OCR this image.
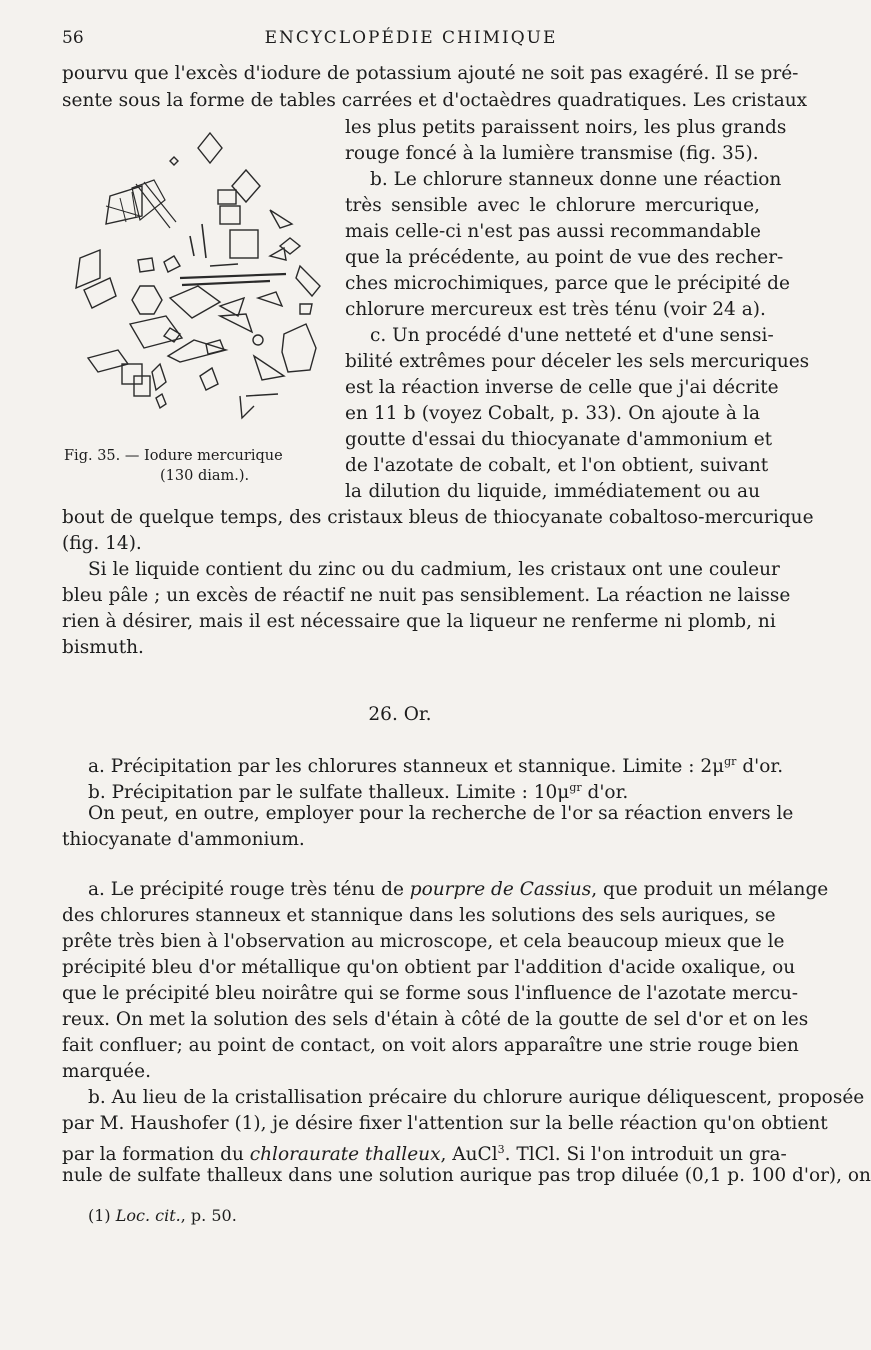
56	ENCYCLOPÉDIE CHIMIQUE
pourvu que l'excès d'iodure de potassium ajouté ne soit pas exagéré. Il se pré-
sente sous la forme de tables carrées et d'octaèdres quadratiques. Les cristaux
les plus petits paraissent noirs, les plus grands
rouge foncé à la lumière transmise (fig. 35).
b. Le chlorure stanneux donne une réaction
très sensible avec le chlorure mercurique,
mais celle-ci n'est pas aussi recommandable
que la précédente, au point de vue des recher-
ches microchimiques, parce que le précipité de
chlorure mercureux est très ténu (voir 24 a).
c. Un procédé d'une netteté et d'une sensi-
bilité extrêmes pour déceler les sels mercuriques
est la réaction inverse de celle que j'ai décrite
en 11 b (voyez Cobalt, p. 33). On ajoute à la
goutte d'essai du thiocyanate d'ammonium et
de l'azotate de cobalt, et l'on obtient, suivant
la dilution du liquide, immédiatement ou au
Fig. 35. — Iodure mercurique
(130 diam.).
bout de quelque temps, des cristaux bleus de thiocyanate cobaltoso-mercurique
(fig. 14).
Si le liquide contient du zinc ou du cadmium, les cristaux ont une couleur
bleu pâle ; un excès de réactif ne nuit pas sensiblement. La réaction ne laisse
rien à désirer, mais il est nécessaire que la liqueur ne renferme ni plomb, ni
bismuth.
26. Or.
a. Précipitation par les chlorures stanneux et stannique. Limite : $2\mu^{gr}$ d'or.
b. Précipitation par le sulfate thalleux. Limite : $10\mu^{gr}$ d'or.
On peut, en outre, employer pour la recherche de l'or sa réaction envers le
thiocyanate d'ammonium.
a. Le précipité rouge très ténu de pourpre de Cassius, que produit un mélange
des chlorures stanneux et stannique dans les solutions des sels auriques, se
prête très bien à l'observation au microscope, et cela beaucoup mieux que le
précipité bleu d'or métallique qu'on obtient par l'addition d'acide oxalique, ou
que le précipité bleu noirâtre qui se forme sous l'influence de l'azotate mercu-
reux. On met la solution des sels d'étain à côté de la goutte de sel d'or et on les
fait confluer; au point de contact, on voit alors apparaître une strie rouge bien
marquée.
b. Au lieu de la cristallisation précaire du chlorure aurique déliquescent, proposée
par M. Haushofer (1), je désire fixer l'attention sur la belle réaction qu'on obtient
par la formation du chloraurate thalleux, AuCl$^3$. TlCl. Si l'on introduit un gra-
nule de sulfate thalleux dans une solution aurique pas trop diluée (0,1 p. 100 d'or), on
(1) Loc. cit., p. 50.
